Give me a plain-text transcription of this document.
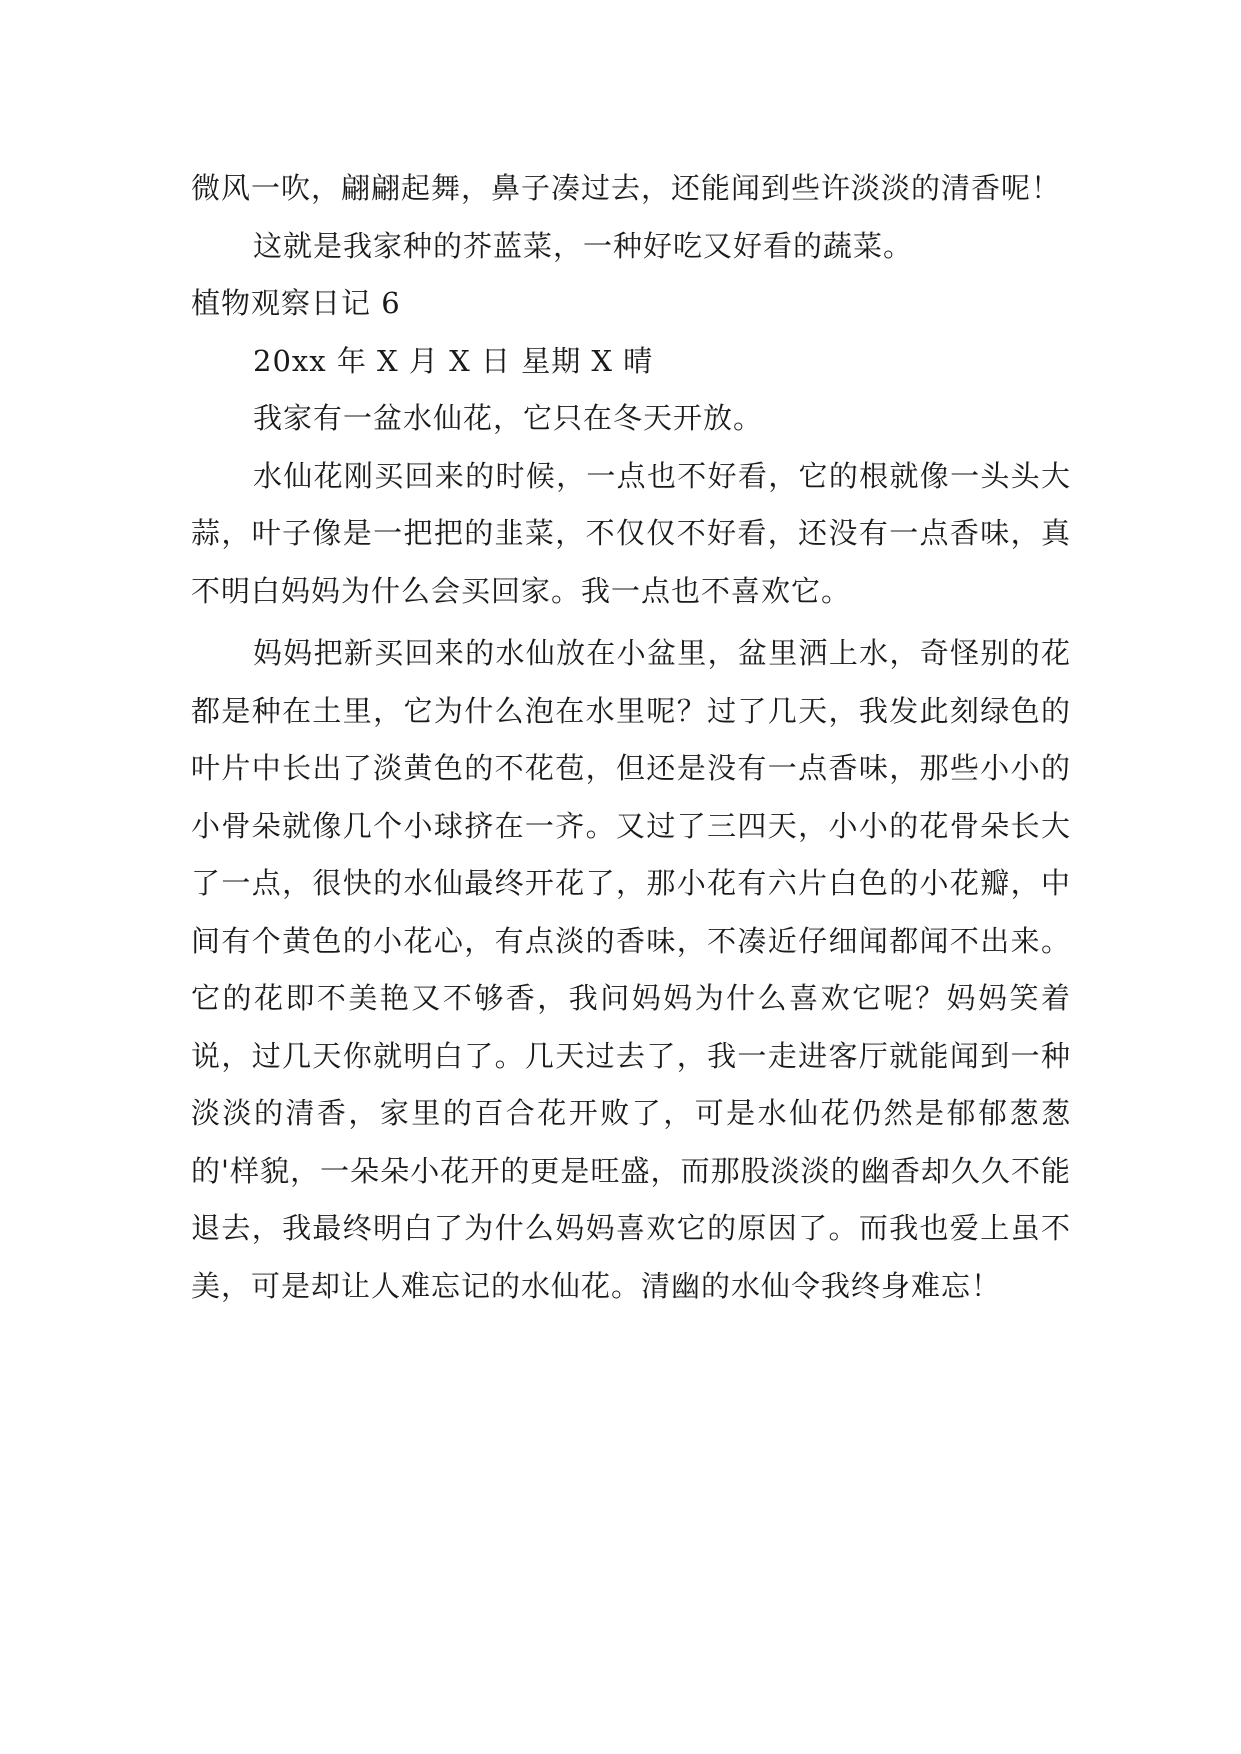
微风一吹，翩翩起舞，鼻子凑过去，还能闻到些许淡淡的清香呢！

这就是我家种的芥蓝菜，一种好吃又好看的蔬菜。

植物观察日记 6

20xx 年 X 月 X 日 星期 X 晴

我家有一盆水仙花，它只在冬天开放。

水仙花刚买回来的时候，一点也不好看，它的根就像一头头大蒜，叶子像是一把把的韭菜，不仅仅不好看，还没有一点香味，真不明白妈妈为什么会买回家。我一点也不喜欢它。

妈妈把新买回来的水仙放在小盆里，盆里洒上水，奇怪别的花都是种在土里，它为什么泡在水里呢？过了几天，我发此刻绿色的叶片中长出了淡黄色的不花苞，但还是没有一点香味，那些小小的小骨朵就像几个小球挤在一齐。又过了三四天，小小的花骨朵长大了一点，很快的水仙最终开花了，那小花有六片白色的小花瓣，中间有个黄色的小花心，有点淡的香味，不凑近仔细闻都闻不出来。它的花即不美艳又不够香，我问妈妈为什么喜欢它呢？妈妈笑着说，过几天你就明白了。几天过去了，我一走进客厅就能闻到一种淡淡的清香，家里的百合花开败了，可是水仙花仍然是郁郁葱葱的'样貌，一朵朵小花开的更是旺盛，而那股淡淡的幽香却久久不能退去，我最终明白了为什么妈妈喜欢它的原因了。而我也爱上虽不美，可是却让人难忘记的水仙花。清幽的水仙令我终身难忘！
